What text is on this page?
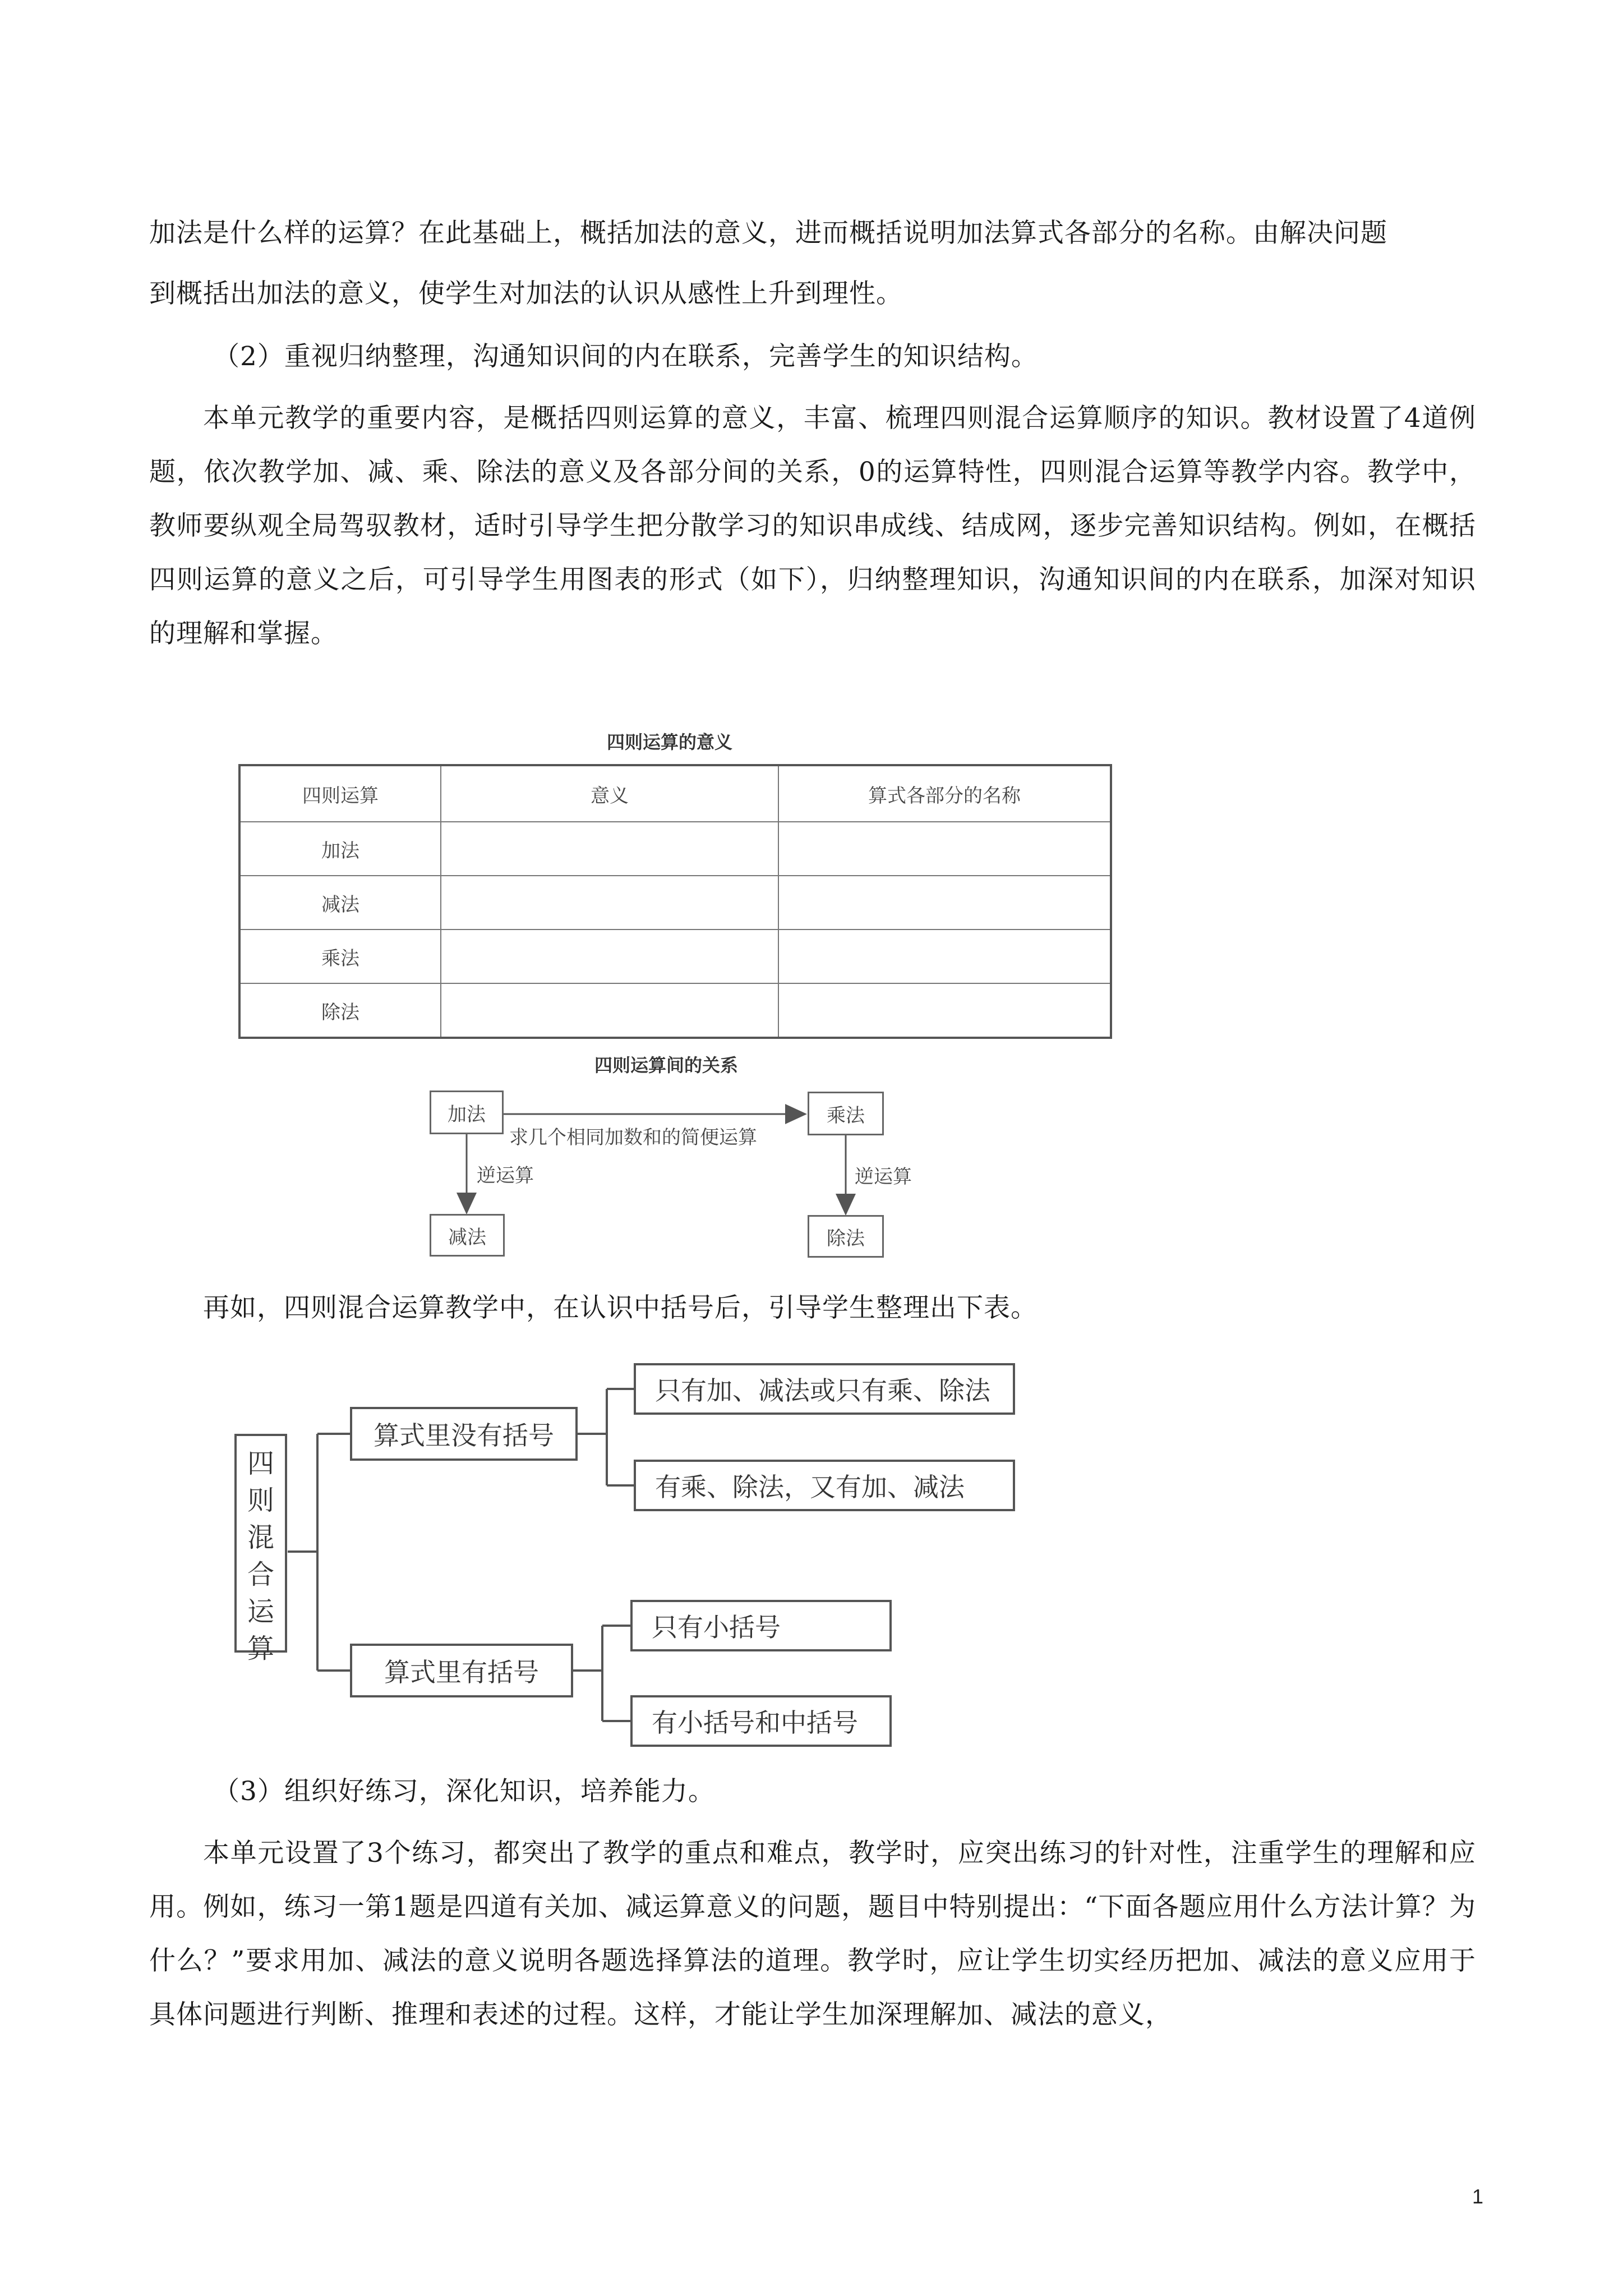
加法是什么样的运算？在此基础上，概括加法的意义，进而概括说明加法算式各部分的名称。由解决问题

到概括出加法的意义，使学生对加法的认识从感性上升到理性。

（2）重视归纳整理，沟通知识间的内在联系，完善学生的知识结构。

本单元教学的重要内容，是概括四则运算的意义，丰富、梳理四则混合运算顺序的知识。教材设置了4道例题，依次教学加、减、乘、除法的意义及各部分间的关系，0的运算特性，四则混合运算等教学内容。教学中，教师要纵观全局驾驭教材，适时引导学生把分散学习的知识串成线、结成网，逐步完善知识结构。例如，在概括四则运算的意义之后，可引导学生用图表的形式（如下），归纳整理知识，沟通知识间的内在联系，加深对知识的理解和掌握。

四则运算的意义
四则运算	意义	算式各部分的名称
加法		
减法		
乘法		
除法		
四则运算间的关系
加法	乘法
减法	除法
求几个相同加数和的简便运算
逆运算	逆运算

再如，四则混合运算教学中，在认识中括号后，引导学生整理出下表。

四则混合运算
算式里没有括号
算式里有括号
只有加、减法或只有乘、除法
有乘、除法，又有加、减法
只有小括号
有小括号和中括号

（3）组织好练习，深化知识，培养能力。

本单元设置了3个练习，都突出了教学的重点和难点，教学时，应突出练习的针对性，注重学生的理解和应用。例如，练习一第1题是四道有关加、减运算意义的问题，题目中特别提出：“下面各题应用什么方法计算？为什么？”要求用加、减法的意义说明各题选择算法的道理。教学时，应让学生切实经历把加、减法的意义应用于具体问题进行判断、推理和表述的过程。这样，才能让学生加深理解加、减法的意义，

1
